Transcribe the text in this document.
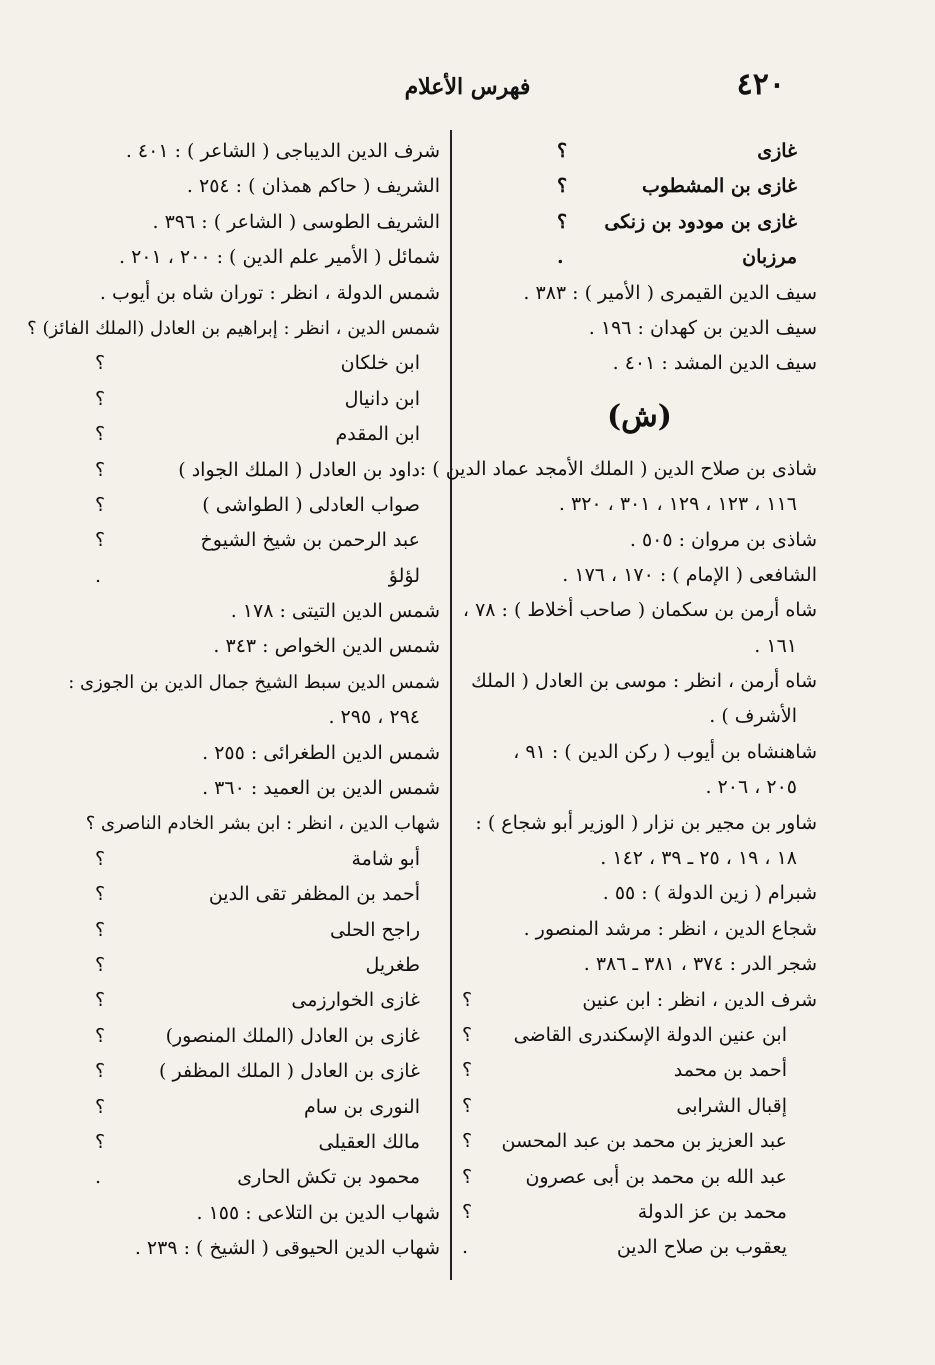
٤٢٠
فهرس الأعلام
غازى
؟
غازى بن المشطوب
؟
غازى بن مودود بن زنكى
؟
مرزبان
.
سيف الدين القيمرى ( الأمير ) : ٣٨٣ .
سيف الدين بن كهدان : ١٩٦ .
سيف الدين المشد : ٤٠١ .
(ش)
شاذى بن صلاح الدين ( الملك الأمجد عماد الدين ) :
١١٦ ، ١٢٣ ، ١٢٩ ، ٣٠١ ، ٣٢٠ .
شاذى بن مروان : ٥٠٥ .
الشافعى ( الإمام ) : ١٧٠ ، ١٧٦ .
شاه أرمن بن سكمان ( صاحب أخلاط ) : ٧٨ ،
١٦١ .
شاه أرمن ، انظر : موسى بن العادل ( الملك
الأشرف ) .
شاهنشاه بن أيوب ( ركن الدين ) : ٩١ ،
٢٠٥ ، ٢٠٦ .
شاور بن مجير بن نزار ( الوزير أبو شجاع ) :
١٨ ، ١٩ ، ٢٥ ـ ٣٩ ، ١٤٢ .
شبرام ( زين الدولة ) : ٥٥ .
شجاع الدين ، انظر : مرشد المنصور .
شجر الدر : ٣٧٤ ، ٣٨١ ـ ٣٨٦ .
شرف الدين ، انظر : ابن عنين
؟
ابن عنين الدولة الإسكندرى القاضى
؟
أحمد بن محمد
؟
إقبال الشرابى
؟
عبد العزيز بن محمد بن عبد المحسن
؟
عبد الله بن محمد بن أبى عصرون
؟
محمد بن عز الدولة
؟
يعقوب بن صلاح الدين
.
شرف الدين الديباجى ( الشاعر ) : ٤٠١ .
الشريف ( حاكم همذان ) : ٢٥٤ .
الشريف الطوسى ( الشاعر ) : ٣٩٦ .
شمائل ( الأمير علم الدين ) : ٢٠٠ ، ٢٠١ .
شمس الدولة ، انظر : توران شاه بن أيوب .
شمس الدين ، انظر : إبراهيم بن العادل (الملك الفائز) ؟
ابن خلكان
؟
ابن دانيال
؟
ابن المقدم
؟
داود بن العادل ( الملك الجواد )
؟
صواب العادلى ( الطواشى )
؟
عبد الرحمن بن شيخ الشيوخ
؟
لؤلؤ
.
شمس الدين التيتى : ١٧٨ .
شمس الدين الخواص : ٣٤٣ .
شمس الدين سبط الشيخ جمال الدين بن الجوزى :
٢٩٤ ، ٢٩٥ .
شمس الدين الطغرائى : ٢٥٥ .
شمس الدين بن العميد : ٣٦٠ .
شهاب الدين ، انظر : ابن بشر الخادم الناصرى ؟
أبو شامة
؟
أحمد بن المظفر تقى الدين
؟
راجح الحلى
؟
طغريل
؟
غازى الخوارزمى
؟
غازى بن العادل (الملك المنصور)
؟
غازى بن العادل ( الملك المظفر )
؟
النورى بن سام
؟
مالك العقيلى
؟
محمود بن تكش الحارى
.
شهاب الدين بن التلاعى : ١٥٥ .
شهاب الدين الحيوقى ( الشيخ ) : ٢٣٩ .
